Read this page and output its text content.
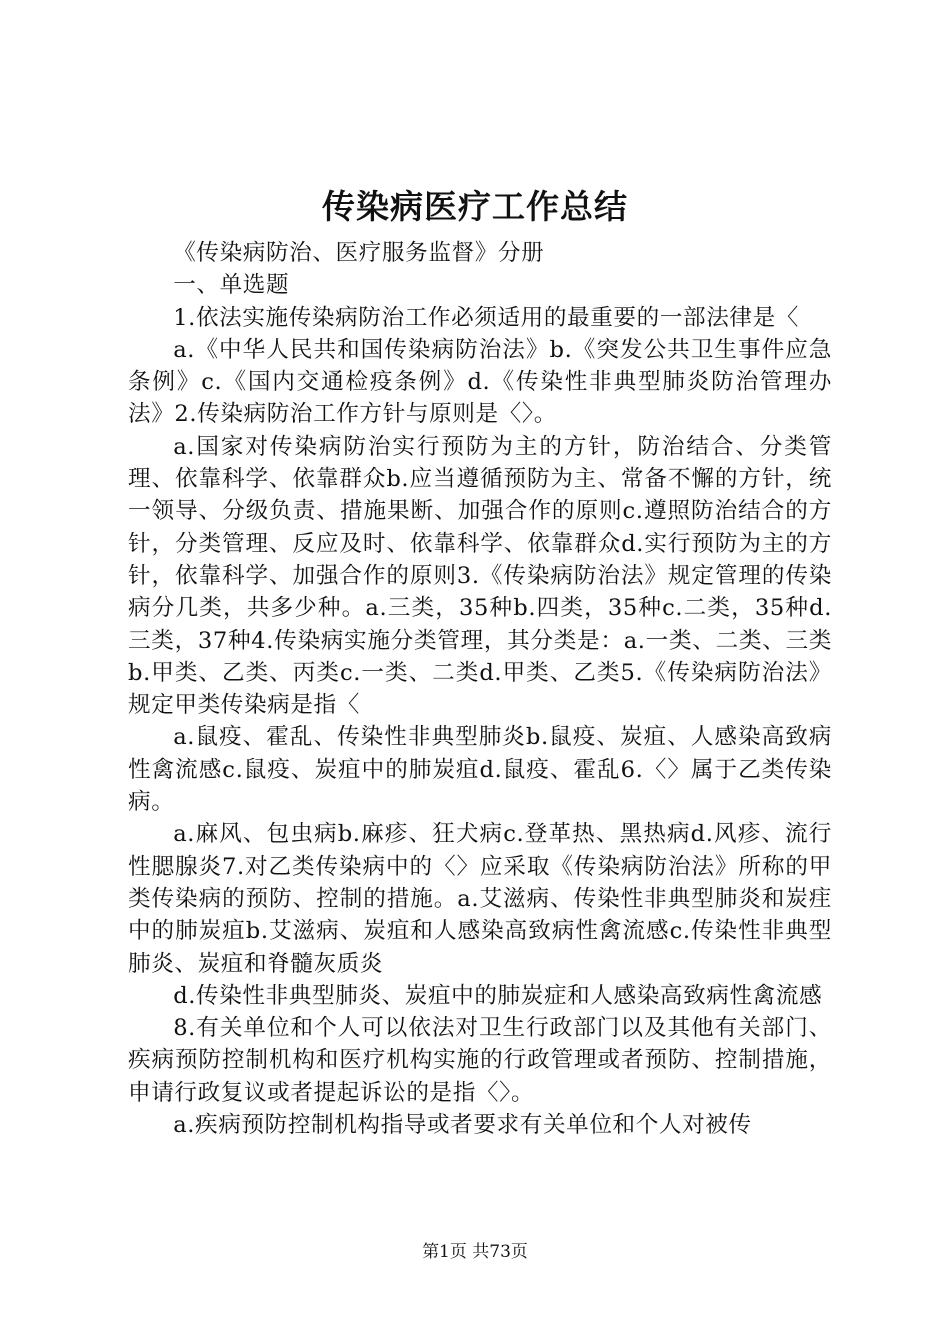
传染病医疗工作总结

《传染病防治、医疗服务监督》分册

一、单选题

1.依法实施传染病防治工作必须适用的最重要的一部法律是〈

a.《中华人民共和国传染病防治法》b.《突发公共卫生事件应急条例》c.《国内交通检疫条例》d.《传染性非典型肺炎防治管理办法》2.传染病防治工作方针与原则是〈〉。

a.国家对传染病防治实行预防为主的方针，防治结合、分类管理、依靠科学、依靠群众b.应当遵循预防为主、常备不懈的方针，统一领导、分级负责、措施果断、加强合作的原则c.遵照防治结合的方针，分类管理、反应及时、依靠科学、依靠群众d.实行预防为主的方针，依靠科学、加强合作的原则3.《传染病防治法》规定管理的传染病分几类，共多少种。a.三类，35种b.四类，35种c.二类，35种d.三类，37种4.传染病实施分类管理，其分类是：a.一类、二类、三类b.甲类、乙类、丙类c.一类、二类d.甲类、乙类5.《传染病防治法》规定甲类传染病是指〈

a.鼠疫、霍乱、传染性非典型肺炎b.鼠疫、炭疽、人感染高致病性禽流感c.鼠疫、炭疽中的肺炭疽d.鼠疫、霍乱6.〈〉属于乙类传染病。

a.麻风、包虫病b.麻疹、狂犬病c.登革热、黑热病d.风疹、流行性腮腺炎7.对乙类传染病中的〈〉应采取《传染病防治法》所称的甲类传染病的预防、控制的措施。a.艾滋病、传染性非典型肺炎和炭疰中的肺炭疽b.艾滋病、炭疽和人感染高致病性禽流感c.传染性非典型肺炎、炭疽和脊髓灰质炎

d.传染性非典型肺炎、炭疽中的肺炭症和人感染高致病性禽流感

8.有关单位和个人可以依法对卫生行政部门以及其他有关部门、疾病预防控制机构和医疗机构实施的行政管理或者预防、控制措施，申请行政复议或者提起诉讼的是指〈〉。

a.疾病预防控制机构指导或者要求有关单位和个人对被传

第1页 共73页
